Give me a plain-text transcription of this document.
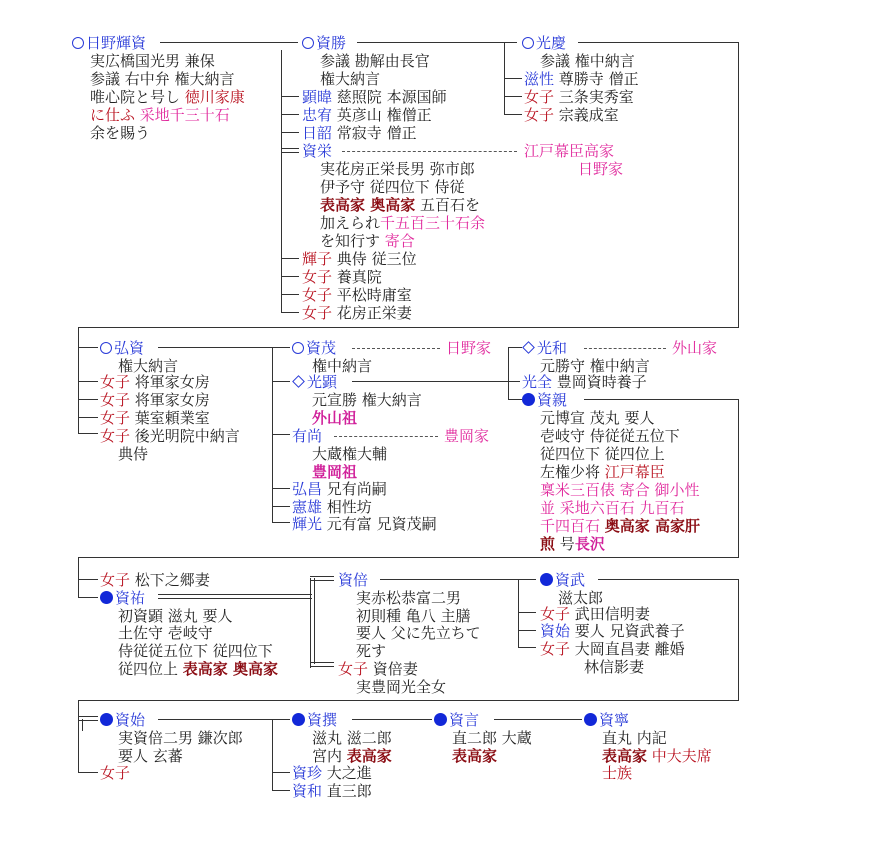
日野輝資
実広橋国光男 兼保
参議 右中弁 権大納言
唯心院と号し 徳川家康
に仕ふ 采地千三十石
余を賜う
資勝
参議 勘解由長官
権大納言
顕暐 慈照院 本源国師
忠宥 英彦山 権僧正
日韶 常寂寺 僧正
資栄	江戸幕臣高家
日野家
実花房正栄長男 弥市郎
伊予守 従四位下 侍従
表高家 奥高家 五百石を
加えられ千五百三十石余
を知行す 寄合
輝子 典侍 従三位
女子 養真院
女子 平松時庸室
女子 花房正栄妻
光慶
参議 権中納言
滋性 尊勝寺 僧正
女子 三条実秀室
女子 宗義成室
弘資
権大納言
女子 将軍家女房
女子 将軍家女房
女子 葉室頼業室
女子 後光明院中納言
典侍
資茂	日野家
権中納言
光顕
元宣勝 権大納言
外山祖
有尚	豊岡家
大蔵権大輔
豊岡祖
弘昌 兄有尚嗣
憲雄 相性坊
輝光 元有富 兄資茂嗣
光和	外山家
元勝守 権中納言
光全 豊岡資時養子
資親
元博宣 茂丸 要人
壱岐守 侍従従五位下
従四位下 従四位上
左権少将 江戸幕臣
稟米三百俵 寄合 御小性
並 采地六百石 九百石
千四百石 奥高家 高家肝
煎 号長沢
女子 松下之郷妻
資祐
初資顕 滋丸 要人
土佐守 壱岐守
侍従従五位下 従四位下
従四位上 表高家 奥高家
資倍
実赤松恭富二男
初則種 亀八 主膳
要人 父に先立ちて
死す
女子 資倍妻
実豊岡光全女
資武
滋太郎
女子 武田信明妻
資始 要人 兄資武養子
女子 大岡直昌妻 離婚
林信影妻
資始
実資倍二男 鎌次郎
要人 玄蕃
女子
資撰
滋丸 滋二郎
宮内 表高家
資珍 大之進
資和 直三郎
資言
直二郎 大蔵
表高家
資寧
直丸 内記
表高家 中大夫席
士族
